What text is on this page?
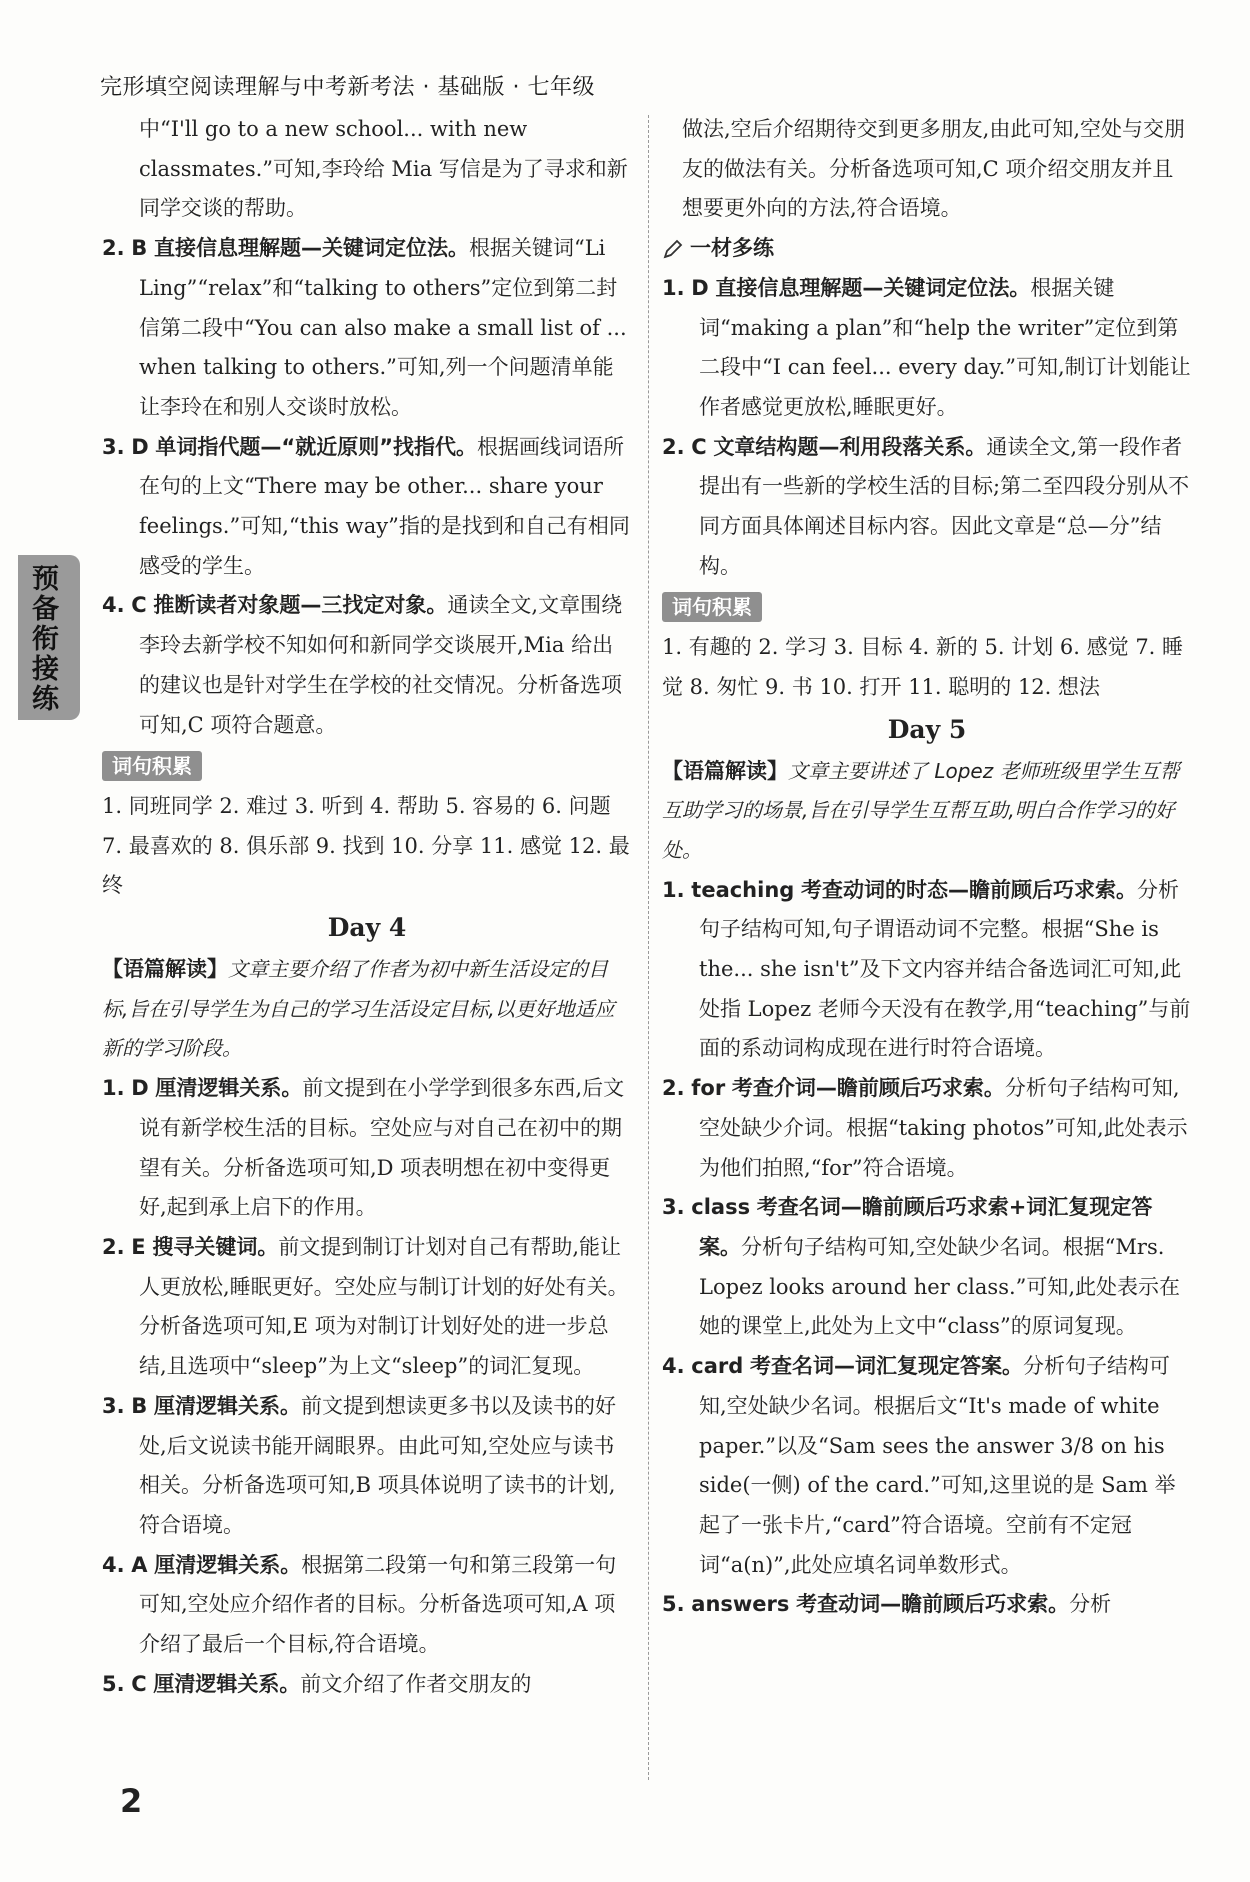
完形填空阅读理解与中考新考法 · 基础版 · 七年级
预备衔接练

中“I'll go to a new school... with new classmates.”可知,李玲给 Mia 写信是为了寻求和新同学交谈的帮助。

2. B 直接信息理解题—关键词定位法。根据关键词“Li Ling”“relax”和“talking to others”定位到第二封信第二段中“You can also make a small list of ... when talking to others.”可知,列一个问题清单能让李玲在和别人交谈时放松。

3. D 单词指代题—“就近原则”找指代。根据画线词语所在句的上文“There may be other... share your feelings.”可知,“this way”指的是找到和自己有相同感受的学生。

4. C 推断读者对象题—三找定对象。通读全文,文章围绕李玲去新学校不知如何和新同学交谈展开,Mia 给出的建议也是针对学生在学校的社交情况。分析备选项可知,C 项符合题意。

词句积累

1. 同班同学 2. 难过 3. 听到 4. 帮助 5. 容易的 6. 问题 7. 最喜欢的 8. 俱乐部 9. 找到 10. 分享 11. 感觉 12. 最终

Day 4

【语篇解读】文章主要介绍了作者为初中新生活设定的目标,旨在引导学生为自己的学习生活设定目标,以更好地适应新的学习阶段。

1. D 厘清逻辑关系。前文提到在小学学到很多东西,后文说有新学校生活的目标。空处应与对自己在初中的期望有关。分析备选项可知,D 项表明想在初中变得更好,起到承上启下的作用。

2. E 搜寻关键词。前文提到制订计划对自己有帮助,能让人更放松,睡眠更好。空处应与制订计划的好处有关。分析备选项可知,E 项为对制订计划好处的进一步总结,且选项中“sleep”为上文“sleep”的词汇复现。

3. B 厘清逻辑关系。前文提到想读更多书以及读书的好处,后文说读书能开阔眼界。由此可知,空处应与读书相关。分析备选项可知,B 项具体说明了读书的计划,符合语境。

4. A 厘清逻辑关系。根据第二段第一句和第三段第一句可知,空处应介绍作者的目标。分析备选项可知,A 项介绍了最后一个目标,符合语境。

5. C 厘清逻辑关系。前文介绍了作者交朋友的

做法,空后介绍期待交到更多朋友,由此可知,空处与交朋友的做法有关。分析备选项可知,C 项介绍交朋友并且想要更外向的方法,符合语境。

一材多练

1. D 直接信息理解题—关键词定位法。根据关键词“making a plan”和“help the writer”定位到第二段中“I can feel... every day.”可知,制订计划能让作者感觉更放松,睡眠更好。

2. C 文章结构题—利用段落关系。通读全文,第一段作者提出有一些新的学校生活的目标;第二至四段分别从不同方面具体阐述目标内容。因此文章是“总—分”结构。

词句积累

1. 有趣的 2. 学习 3. 目标 4. 新的 5. 计划 6. 感觉 7. 睡觉 8. 匆忙 9. 书 10. 打开 11. 聪明的 12. 想法

Day 5

【语篇解读】文章主要讲述了 Lopez 老师班级里学生互帮互助学习的场景,旨在引导学生互帮互助,明白合作学习的好处。

1. teaching 考查动词的时态—瞻前顾后巧求索。分析句子结构可知,句子谓语动词不完整。根据“She is the... she isn't”及下文内容并结合备选词汇可知,此处指 Lopez 老师今天没有在教学,用“teaching”与前面的系动词构成现在进行时符合语境。

2. for 考查介词—瞻前顾后巧求索。分析句子结构可知,空处缺少介词。根据“taking photos”可知,此处表示为他们拍照,“for”符合语境。

3. class 考查名词—瞻前顾后巧求索+词汇复现定答案。分析句子结构可知,空处缺少名词。根据“Mrs. Lopez looks around her class.”可知,此处表示在她的课堂上,此处为上文中“class”的原词复现。

4. card 考查名词—词汇复现定答案。分析句子结构可知,空处缺少名词。根据后文“It's made of white paper.”以及“Sam sees the answer 3/8 on his side(一侧) of the card.”可知,这里说的是 Sam 举起了一张卡片,“card”符合语境。空前有不定冠词“a(n)”,此处应填名词单数形式。

5. answers 考查动词—瞻前顾后巧求索。分析

2
